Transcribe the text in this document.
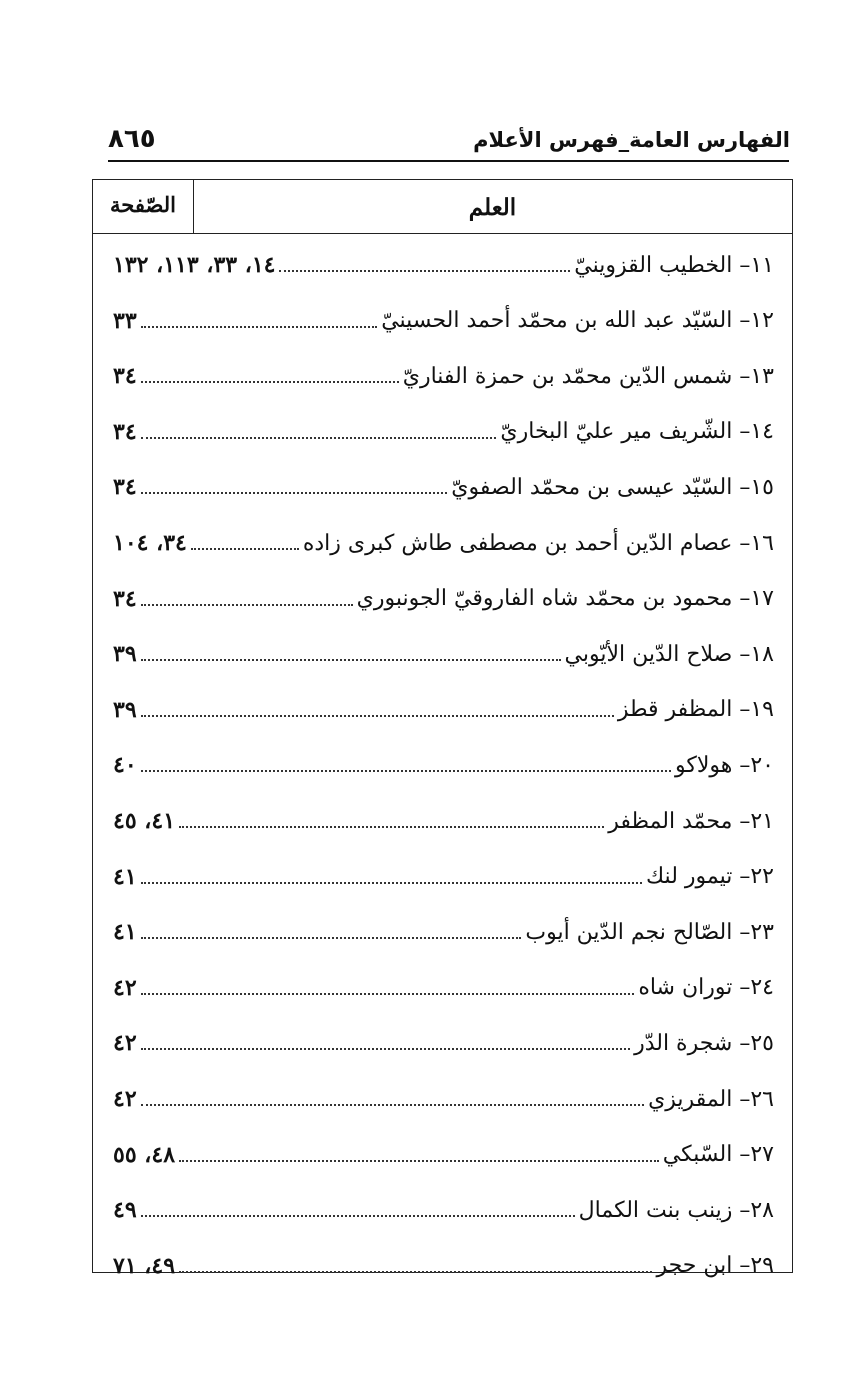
الفهارس العامة_فهرس الأعلام
٨٦٥
الصّفحة	العلم
١١– الخطيب القزوينيّ
١٤، ٣٣، ١١٣، ١٣٢
١٢– السّيّد عبد الله بن محمّد أحمد الحسينيّ
٣٣
١٣– شمس الدّين محمّد بن حمزة الفناريّ
٣٤
١٤– الشّريف مير عليّ البخاريّ
٣٤
١٥– السّيّد عيسى بن محمّد الصفويّ
٣٤
١٦– عصام الدّين أحمد بن مصطفى طاش كبرى زاده
٣٤، ١٠٤
١٧– محمود بن محمّد شاه الفاروقيّ الجونبوري
٣٤
١٨– صلاح الدّين الأيّوبي
٣٩
١٩– المظفر قطز
٣٩
٢٠– هولاكو
٤٠
٢١– محمّد المظفر
٤١، ٤٥
٢٢– تيمور لنك
٤١
٢٣– الصّالح نجم الدّين أيوب
٤١
٢٤– توران شاه
٤٢
٢٥– شجرة الدّر
٤٢
٢٦– المقريزي
٤٢
٢٧– السّبكي
٤٨، ٥٥
٢٨– زينب بنت الكمال
٤٩
٢٩– ابن حجر
٤٩، ٧١
